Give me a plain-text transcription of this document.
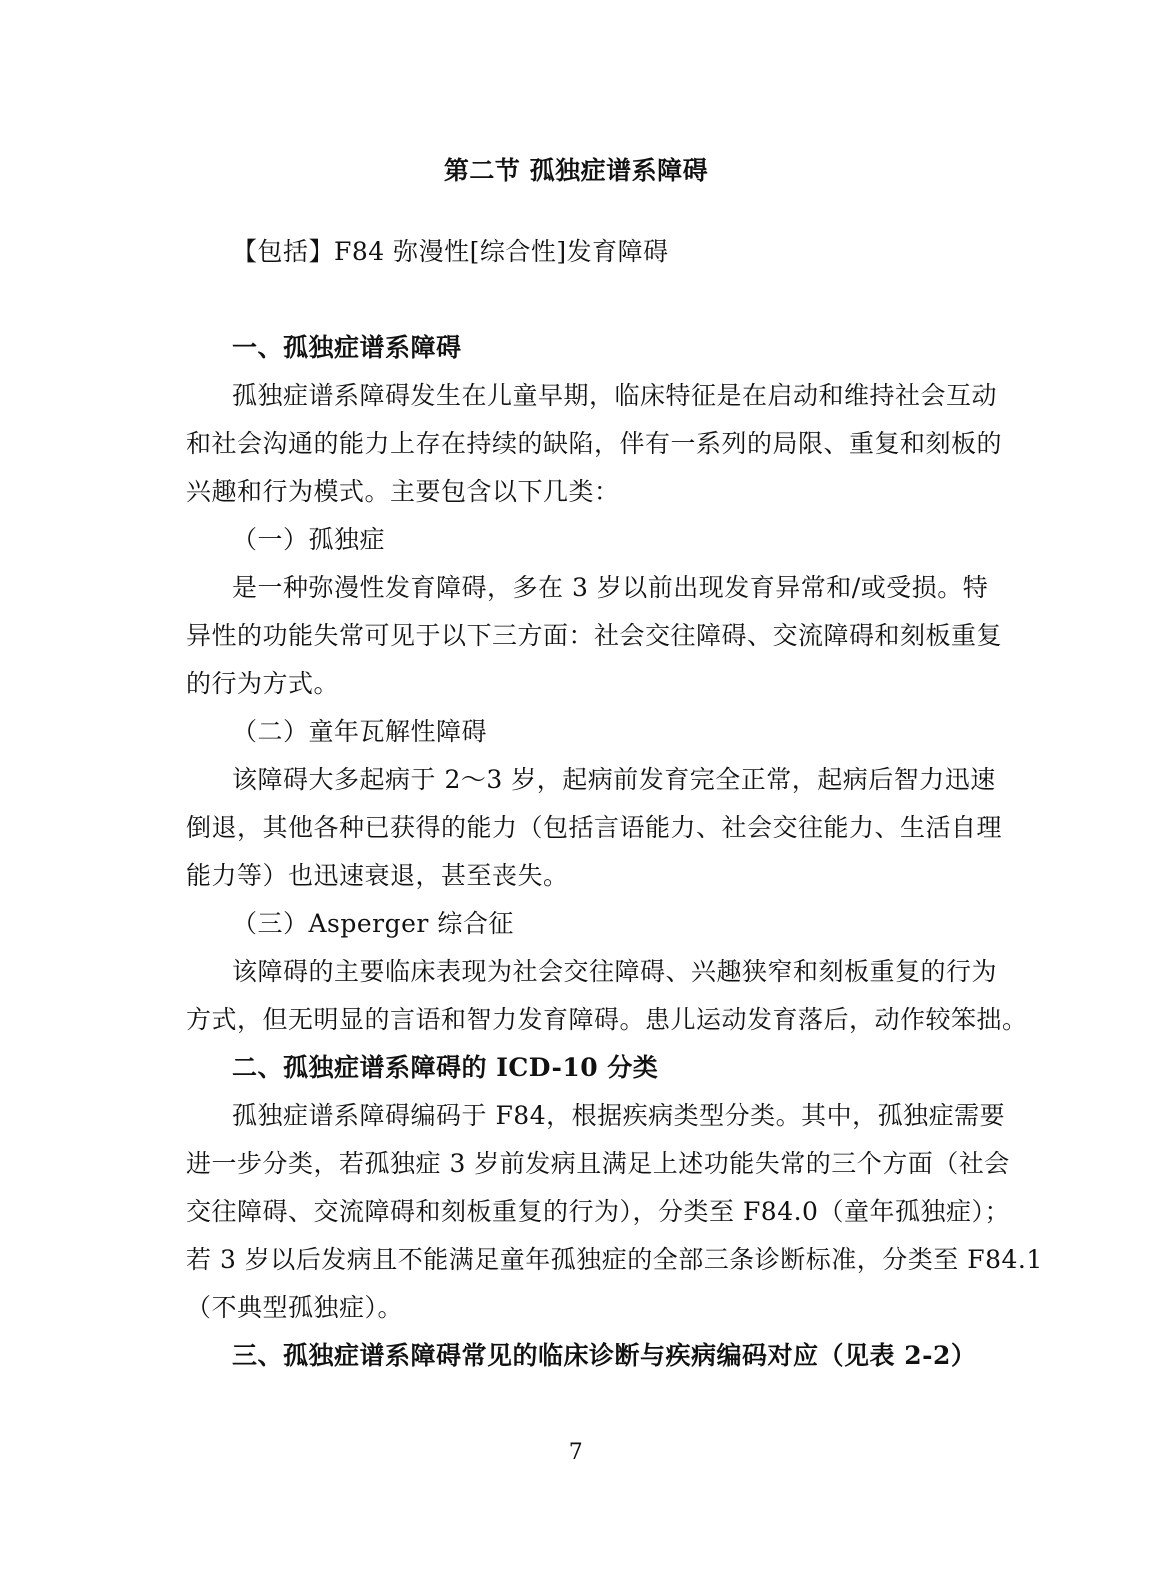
第二节 孤独症谱系障碍
【包括】F84 弥漫性[综合性]发育障碍
一、孤独症谱系障碍
孤独症谱系障碍发生在儿童早期，临床特征是在启动和维持社会互动
和社会沟通的能力上存在持续的缺陷，伴有一系列的局限、重复和刻板的
兴趣和行为模式。主要包含以下几类：
（一）孤独症
是一种弥漫性发育障碍，多在 3 岁以前出现发育异常和/或受损。特
异性的功能失常可见于以下三方面：社会交往障碍、交流障碍和刻板重复
的行为方式。
（二）童年瓦解性障碍
该障碍大多起病于 2～3 岁，起病前发育完全正常，起病后智力迅速
倒退，其他各种已获得的能力（包括言语能力、社会交往能力、生活自理
能力等）也迅速衰退，甚至丧失。
（三）Asperger 综合征
该障碍的主要临床表现为社会交往障碍、兴趣狭窄和刻板重复的行为
方式，但无明显的言语和智力发育障碍。患儿运动发育落后，动作较笨拙。
二、孤独症谱系障碍的 ICD-10 分类
孤独症谱系障碍编码于 F84，根据疾病类型分类。其中，孤独症需要
进一步分类，若孤独症 3 岁前发病且满足上述功能失常的三个方面（社会
交往障碍、交流障碍和刻板重复的行为），分类至 F84.0（童年孤独症）；
若 3 岁以后发病且不能满足童年孤独症的全部三条诊断标准，分类至 F84.1
（不典型孤独症）。
三、孤独症谱系障碍常见的临床诊断与疾病编码对应（见表 2-2）
7
